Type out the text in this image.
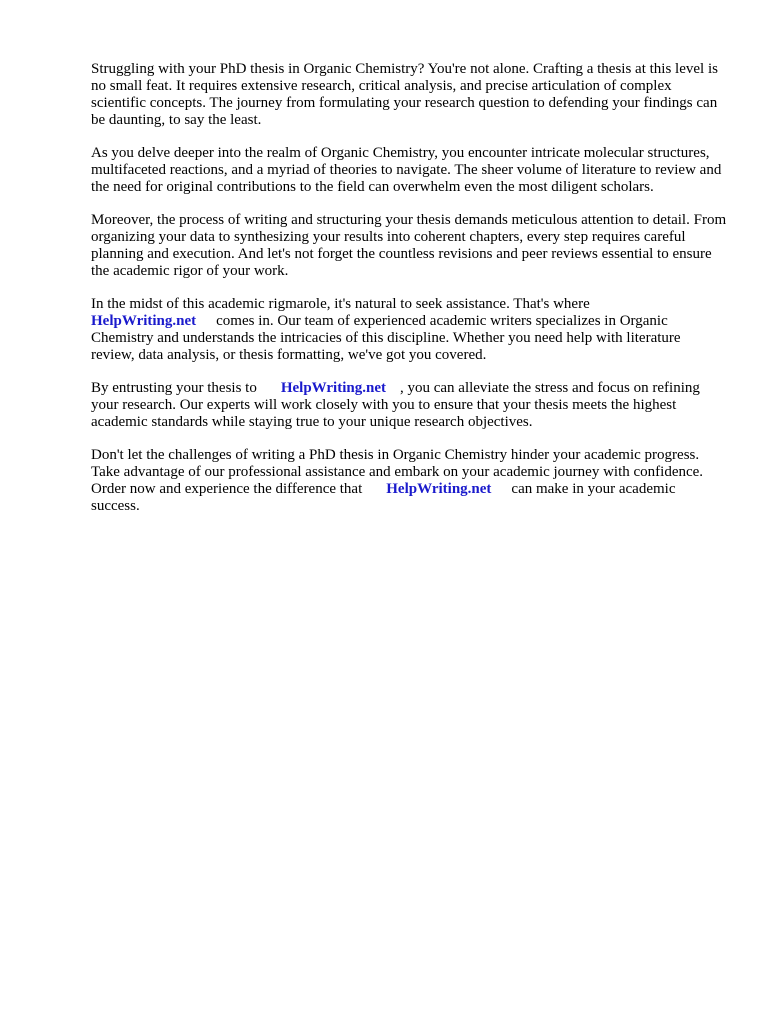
Struggling with your PhD thesis in Organic Chemistry? You're not alone. Crafting a thesis at this level is no small feat. It requires extensive research, critical analysis, and precise articulation of complex scientific concepts. The journey from formulating your research question to defending your findings can be daunting, to say the least.

As you delve deeper into the realm of Organic Chemistry, you encounter intricate molecular structures, multifaceted reactions, and a myriad of theories to navigate. The sheer volume of literature to review and the need for original contributions to the field can overwhelm even the most diligent scholars.

Moreover, the process of writing and structuring your thesis demands meticulous attention to detail. From organizing your data to synthesizing your results into coherent chapters, every step requires careful planning and execution. And let's not forget the countless revisions and peer reviews essential to ensure the academic rigor of your work.

In the midst of this academic rigmarole, it's natural to seek assistance. That's where
HelpWriting.net comes in. Our team of experienced academic writers specializes in Organic Chemistry and understands the intricacies of this discipline. Whether you need help with literature review, data analysis, or thesis formatting, we've got you covered.

By entrusting your thesis to HelpWriting.net , you can alleviate the stress and focus on refining your research. Our experts will work closely with you to ensure that your thesis meets the highest academic standards while staying true to your unique research objectives.

Don't let the challenges of writing a PhD thesis in Organic Chemistry hinder your academic progress. Take advantage of our professional assistance and embark on your academic journey with confidence. Order now and experience the difference that HelpWriting.net can make in your academic success.
